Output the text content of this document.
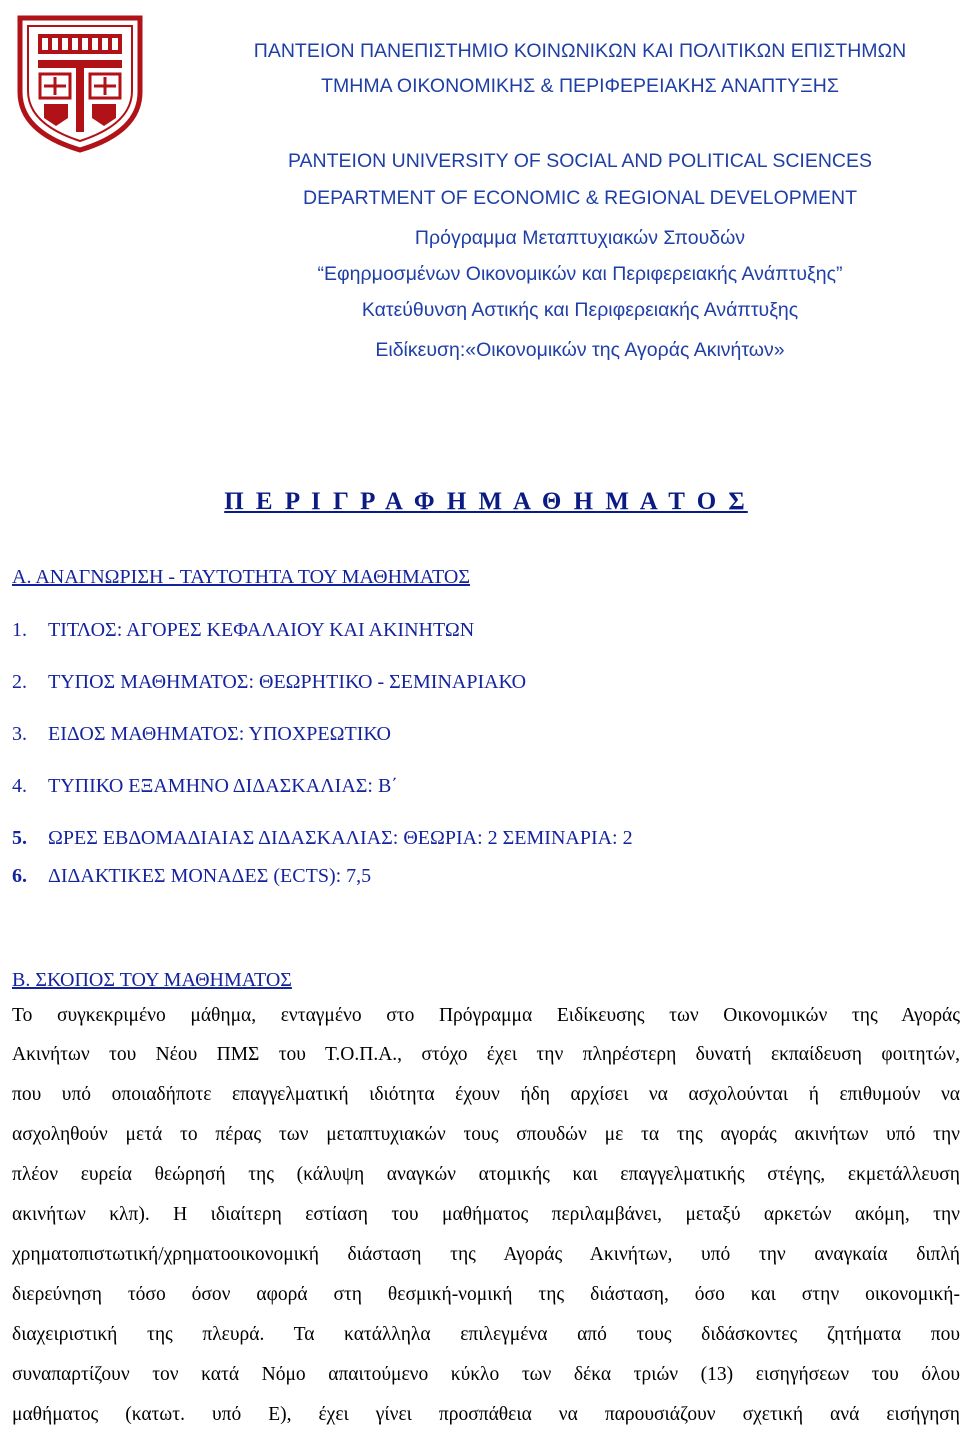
ΠΑΝΤΕΙΟΝ ΠΑΝΕΠΙΣΤΗΜΙΟ ΚΟΙΝΩΝΙΚΩΝ ΚΑΙ ΠΟΛΙΤΙΚΩΝ ΕΠΙΣΤΗΜΩΝ
ΤΜΗΜΑ ΟΙΚΟΝΟΜΙΚΗΣ & ΠΕΡΙΦΕΡΕΙΑΚΗΣ ΑΝΑΠΤΥΞΗΣ
PANTEION UNIVERSITY OF SOCIAL AND POLITICAL SCIENCES
DEPARTMENT OF ECONOMIC & REGIONAL DEVELOPMENT
Πρόγραμμα Μεταπτυχιακών Σπουδών
“Εφηρμοσμένων Οικονομικών και Περιφερειακής Ανάπτυξης”
Κατεύθυνση Αστικής και Περιφερειακής Ανάπτυξης
Ειδίκευση:«Οικονομικών της Αγοράς Ακινήτων»
Π Ε Ρ Ι Γ Ρ Α Φ Η Μ Α Θ Η Μ Α Τ Ο Σ
Α. ΑΝΑΓΝΩΡΙΣΗ - ΤΑΥΤΟΤΗΤΑ ΤΟΥ ΜΑΘΗΜΑΤΟΣ
1. ΤΙΤΛΟΣ: ΑΓΟΡΕΣ ΚΕΦΑΛΑΙΟΥ ΚΑΙ ΑΚΙΝΗΤΩΝ
2. ΤΥΠΟΣ ΜΑΘΗΜΑΤΟΣ: ΘΕΩΡΗΤΙΚΟ - ΣΕΜΙΝΑΡΙΑΚΟ
3. ΕΙΔΟΣ ΜΑΘΗΜΑΤΟΣ: ΥΠΟΧΡΕΩΤΙΚΟ
4. ΤΥΠΙΚΟ ΕΞΑΜΗΝΟ ΔΙΔΑΣΚΑΛΙΑΣ: Β΄
5. ΩΡΕΣ ΕΒΔΟΜΑΔΙΑΙΑΣ ΔΙΔΑΣΚΑΛΙΑΣ: ΘΕΩΡΙΑ: 2 ΣΕΜΙΝΑΡΙΑ: 2
6. ΔΙΔΑΚΤΙΚΕΣ ΜΟΝΑΔΕΣ (ECTS): 7,5
Β. ΣΚΟΠΟΣ ΤΟΥ ΜΑΘΗΜΑΤΟΣ
Το συγκεκριμένο μάθημα, ενταγμένο στο Πρόγραμμα Ειδίκευσης των Οικονομικών της Αγοράς
Ακινήτων του Νέου ΠΜΣ του Τ.Ο.Π.Α., στόχο έχει την πληρέστερη δυνατή εκπαίδευση φοιτητών,
που υπό οποιαδήποτε επαγγελματική ιδιότητα έχουν ήδη αρχίσει να ασχολούνται ή επιθυμούν να
ασχοληθούν μετά το πέρας των μεταπτυχιακών τους σπουδών με τα της αγοράς ακινήτων υπό την
πλέον ευρεία θεώρησή της (κάλυψη αναγκών ατομικής και επαγγελματικής στέγης, εκμετάλλευση
ακινήτων κλπ). Η ιδιαίτερη εστίαση του μαθήματος περιλαμβάνει, μεταξύ αρκετών ακόμη, την
χρηματοπιστωτική/χρηματοοικονομική διάσταση της Αγοράς Ακινήτων, υπό την αναγκαία διπλή
διερεύνηση τόσο όσον αφορά στη θεσμική-νομική της διάσταση, όσο και στην οικονομική-
διαχειριστική της πλευρά. Τα κατάλληλα επιλεγμένα από τους διδάσκοντες ζητήματα που
συναπαρτίζουν τον κατά Νόμο απαιτούμενο κύκλο των δέκα τριών (13) εισηγήσεων του όλου
μαθήματος (κατωτ. υπό Ε), έχει γίνει προσπάθεια να παρουσιάζουν σχετική ανά εισήγηση
